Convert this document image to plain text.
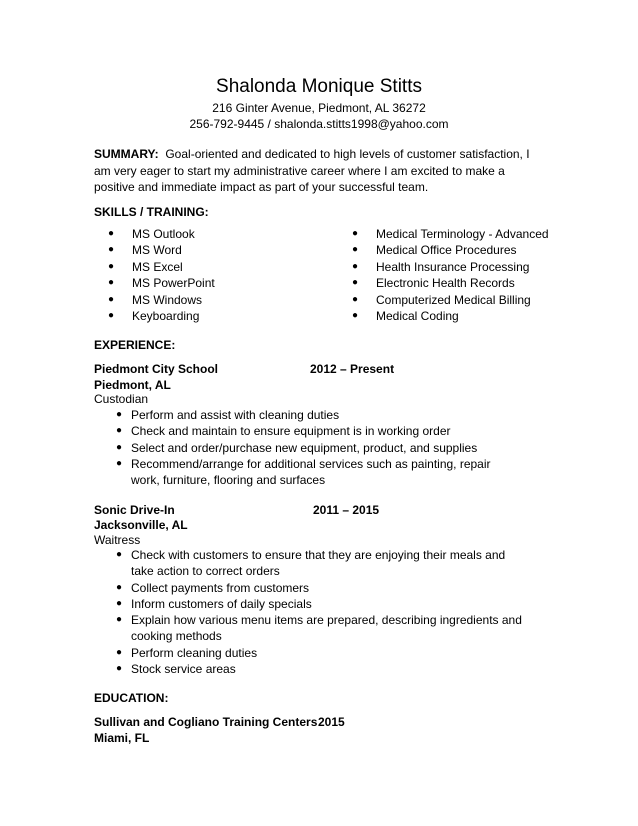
Shalonda Monique Stitts
216 Ginter Avenue, Piedmont, AL 36272
256-792-9445 / shalonda.stitts1998@yahoo.com
SUMMARY: Goal-oriented and dedicated to high levels of customer satisfaction, I am very eager to start my administrative career where I am excited to make a positive and immediate impact as part of your successful team.
SKILLS / TRAINING:
● MS Outlook
● MS Word
● MS Excel
● MS PowerPoint
● MS Windows
● Keyboarding
● Medical Terminology - Advanced
● Medical Office Procedures
● Health Insurance Processing
● Electronic Health Records
● Computerized Medical Billing
● Medical Coding
EXPERIENCE:
Piedmont City School	2012 – Present
Piedmont, AL
Custodian
● Perform and assist with cleaning duties
● Check and maintain to ensure equipment is in working order
● Select and order/purchase new equipment, product, and supplies
● Recommend/arrange for additional services such as painting, repair work, furniture, flooring and surfaces
Sonic Drive-In	2011 – 2015
Jacksonville, AL
Waitress
● Check with customers to ensure that they are enjoying their meals and take action to correct orders
● Collect payments from customers
● Inform customers of daily specials
● Explain how various menu items are prepared, describing ingredients and cooking methods
● Perform cleaning duties
● Stock service areas
EDUCATION:
Sullivan and Cogliano Training Centers 2015
Miami, FL
